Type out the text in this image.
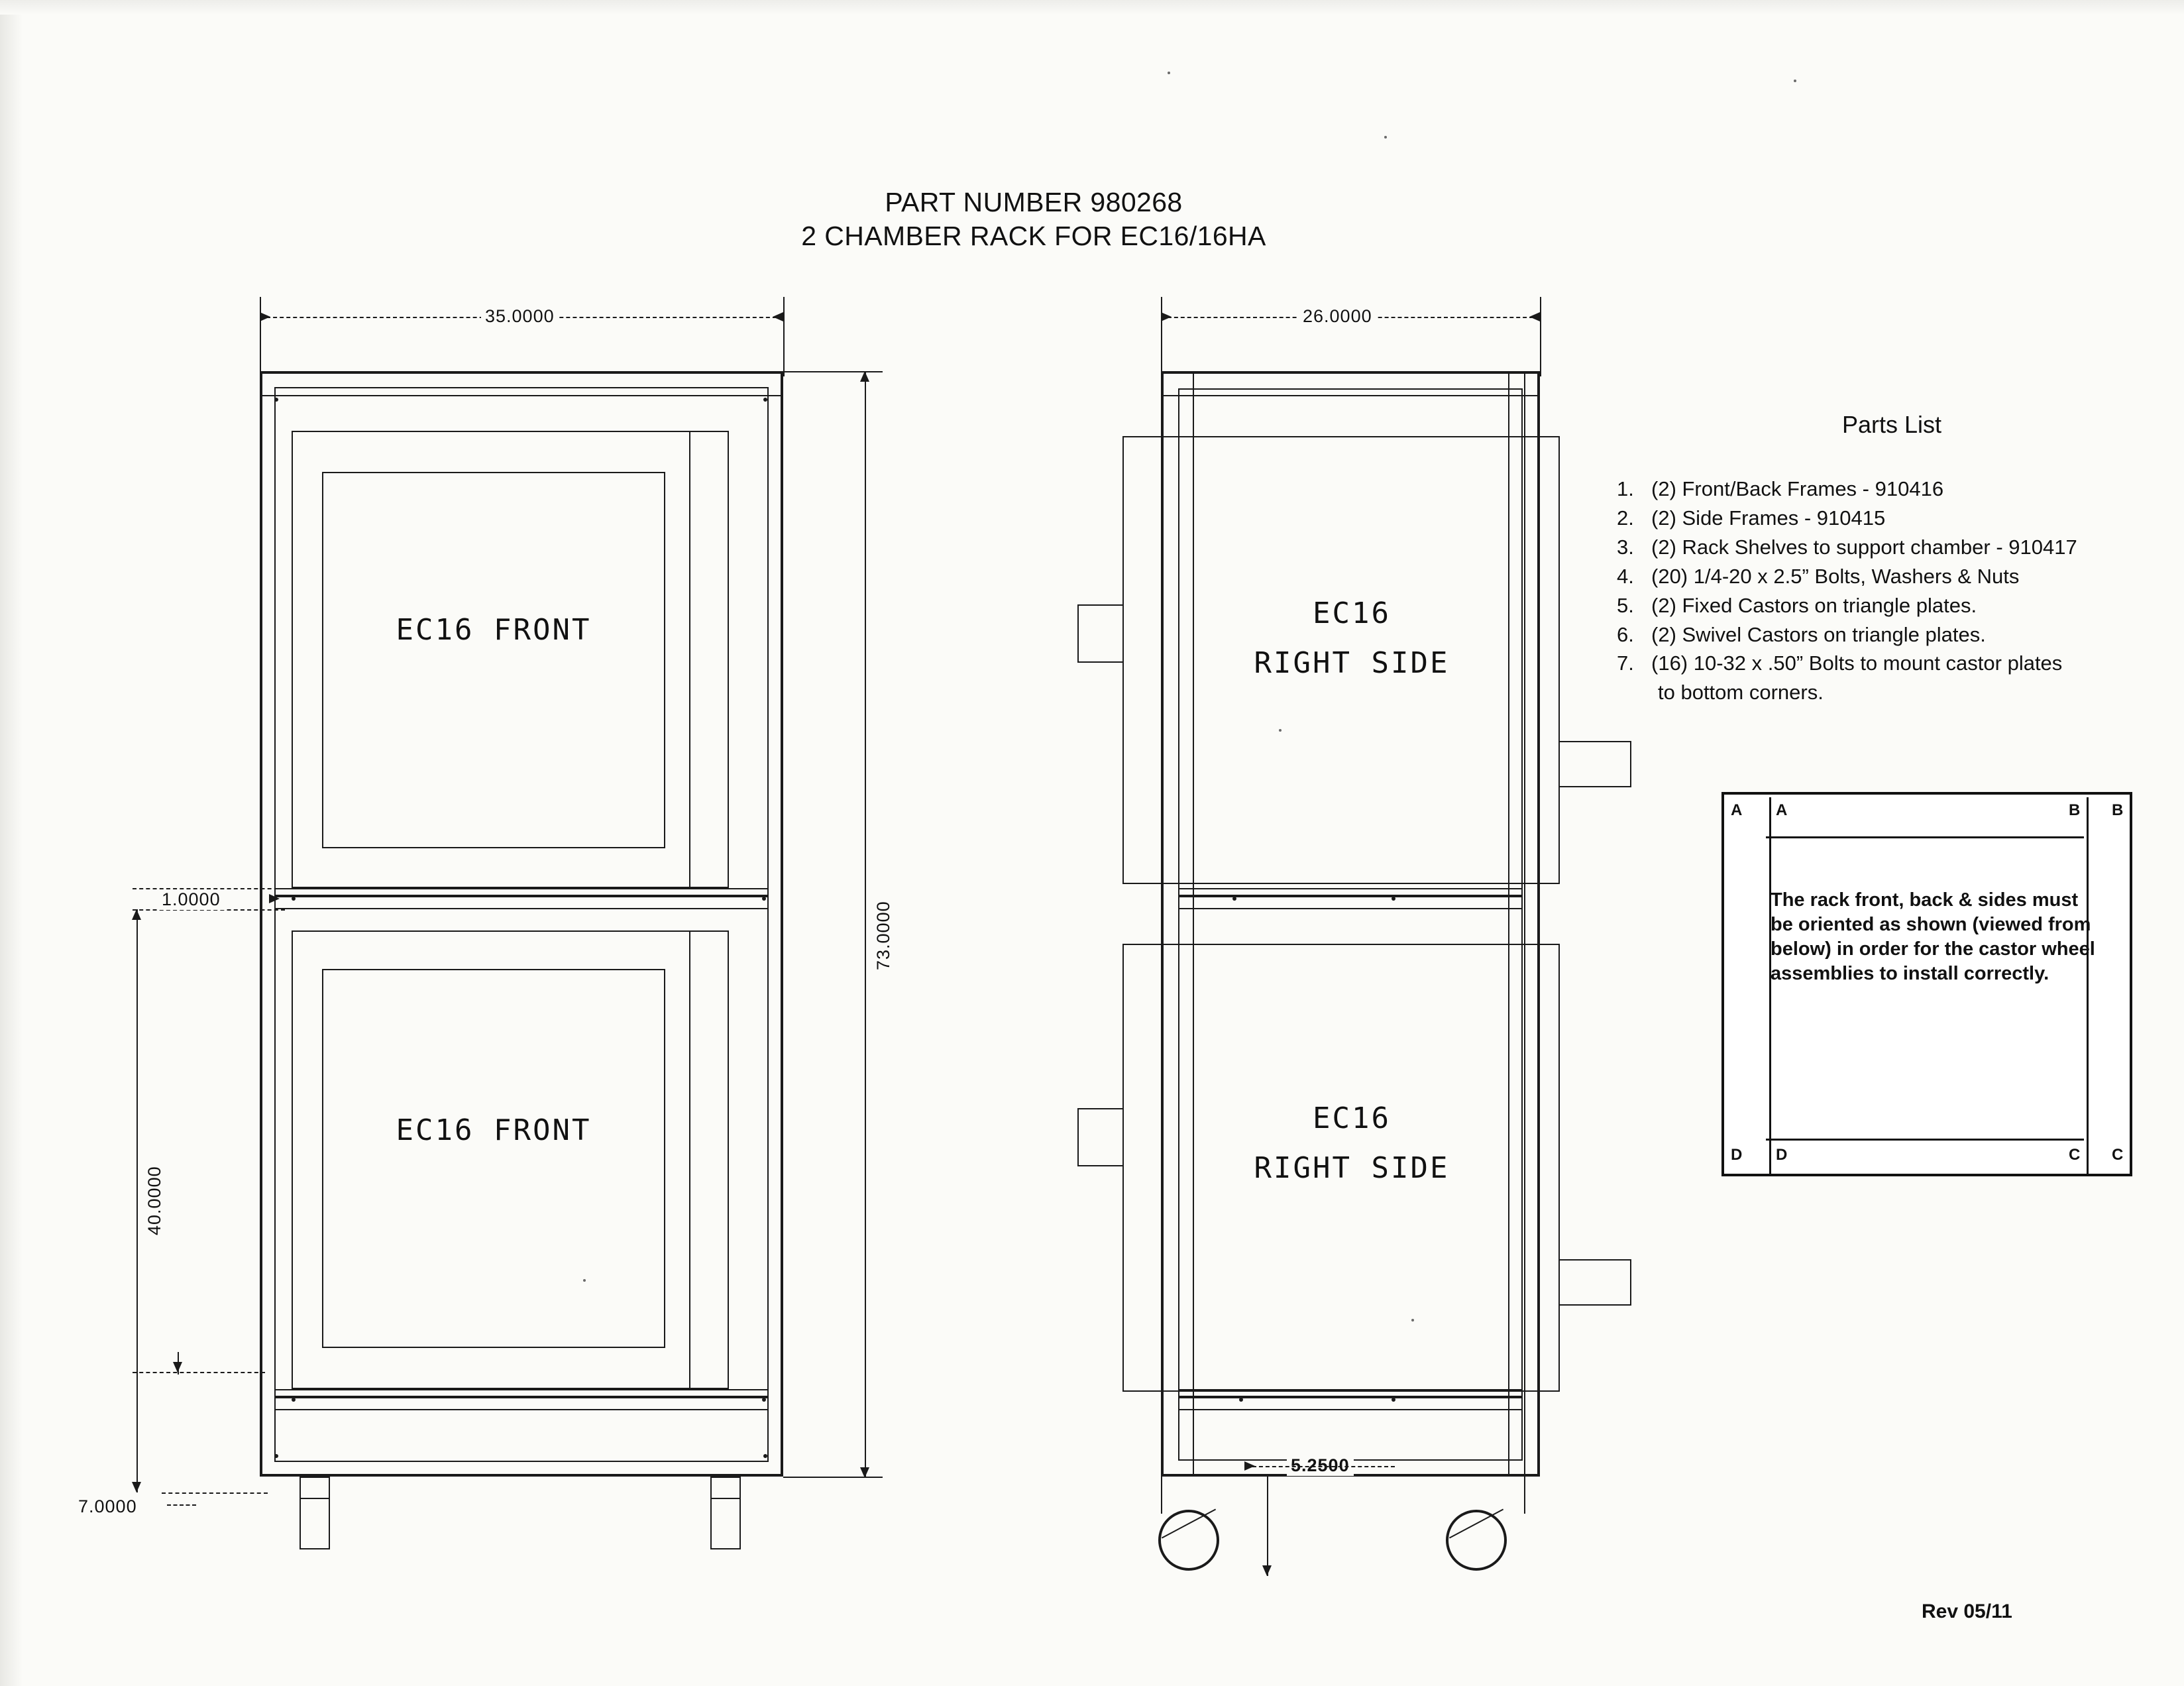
PART NUMBER 980268
2 CHAMBER RACK FOR EC16/16HA
35.0000
73.0000
EC16 FRONT
EC16 FRONT
1.0000
40.0000
7.0000
26.0000
EC16
RIGHT SIDE
EC16
RIGHT SIDE
5.2500
Parts List
1. (2) Front/Back Frames - 910416
2. (2) Side Frames - 910415
3. (2) Rack Shelves to support chamber - 910417
4. (20) 1/4-20 x 2.5” Bolts, Washers & Nuts
5. (2) Fixed Castors on triangle plates.
6. (2) Swivel Castors on triangle plates.
7. (16) 10-32 x .50” Bolts to mount castor plates
to bottom corners.
A A	B B
D D	C C
The rack front, back & sides must be oriented as shown (viewed from below) in order for the castor wheel assemblies to install correctly.
Rev 05/11
